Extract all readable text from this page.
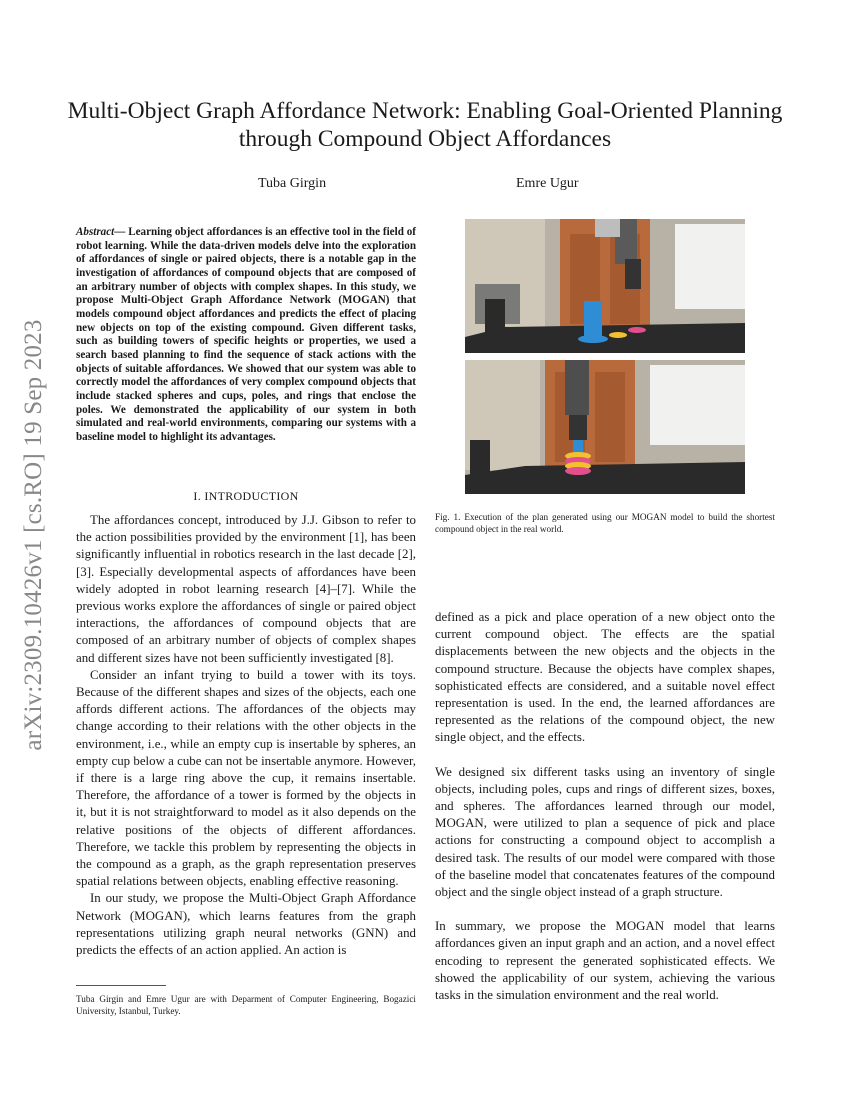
arXiv:2309.10426v1 [cs.RO] 19 Sep 2023
Multi-Object Graph Affordance Network: Enabling Goal-Oriented Planning through Compound Object Affordances
Tuba Girgin	Emre Ugur
Abstract— Learning object affordances is an effective tool in the field of robot learning. While the data-driven models delve into the exploration of affordances of single or paired objects, there is a notable gap in the investigation of affordances of compound objects that are composed of an arbitrary number of objects with complex shapes. In this study, we propose Multi-Object Graph Affordance Network (MOGAN) that models compound object affordances and predicts the effect of placing new objects on top of the existing compound. Given different tasks, such as building towers of specific heights or properties, we used a search based planning to find the sequence of stack actions with the objects of suitable affordances. We showed that our system was able to correctly model the affordances of very complex compound objects that include stacked spheres and cups, poles, and rings that enclose the poles. We demonstrated the applicability of our system in both simulated and real-world environments, comparing our systems with a baseline model to highlight its advantages.
I. INTRODUCTION

The affordances concept, introduced by J.J. Gibson to refer to the action possibilities provided by the environment [1], has been significantly influential in robotics research in the last decade [2], [3]. Especially developmental aspects of affordances have been widely adopted in robot learning research [4]–[7]. While the previous works explore the affordances of single or paired object interactions, the affordances of compound objects that are composed of an arbitrary number of objects of complex shapes and different sizes have not been sufficiently investigated [8].

Consider an infant trying to build a tower with its toys. Because of the different shapes and sizes of the objects, each one affords different actions. The affordances of the objects may change according to their relations with the other objects in the environment, i.e., while an empty cup is insertable by spheres, an empty cup below a cube can not be insertable anymore. However, if there is a large ring above the cup, it remains insertable. Therefore, the affordance of a tower is formed by the objects in it, but it is not straightforward to model as it also depends on the relative positions of the objects of different affordances. Therefore, we tackle this problem by representing the objects in the compound as a graph, as the graph representation preserves spatial relations between objects, enabling effective reasoning.

In our study, we propose the Multi-Object Graph Affordance Network (MOGAN), which learns features from the graph representations utilizing graph neural networks (GNN) and predicts the effects of an action applied. An action is

Tuba Girgin and Emre Ugur are with Deparment of Computer Engineering, Bogazici University, Istanbul, Turkey.
Fig. 1. Execution of the plan generated using our MOGAN model to build the shortest compound object in the real world.

defined as a pick and place operation of a new object onto the current compound object. The effects are the spatial displacements between the new objects and the objects in the compound structure. Because the objects have complex shapes, sophisticated effects are considered, and a suitable novel effect representation is used. In the end, the learned affordances are represented as the relations of the compound object, the new single object, and the effects.

We designed six different tasks using an inventory of single objects, including poles, cups and rings of different sizes, boxes, and spheres. The affordances learned through our model, MOGAN, were utilized to plan a sequence of pick and place actions for constructing a compound object to accomplish a desired task. The results of our model were compared with those of the baseline model that concatenates features of the compound object and the single object instead of a graph structure.

In summary, we propose the MOGAN model that learns affordances given an input graph and an action, and a novel effect encoding to represent the generated sophisticated effects. We showed the applicability of our system, achieving the various tasks in the simulation environment and the real world.
